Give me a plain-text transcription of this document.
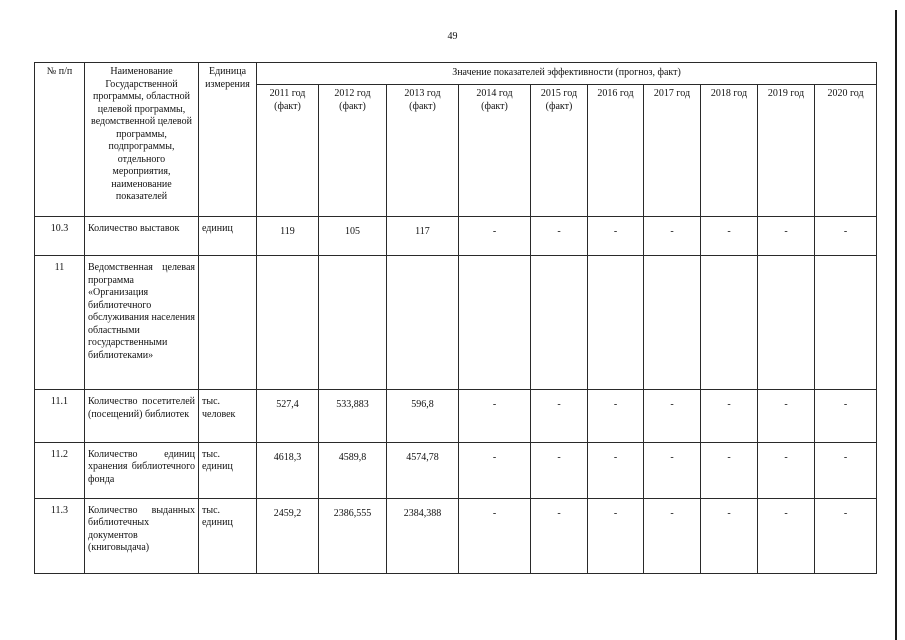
49
№ п/п	Наименование Государственной программы, областной целевой программы, ведомственной целевой программы, подпрограммы, отдельного мероприятия, наименование показателей	Единица измерения	Значение показателей эффективности (прогноз, факт)									
			2011 год (факт)	2012 год (факт)	2013 год (факт)	2014 год (факт)	2015 год (факт)	2016 год	2017 год	2018 год	2019 год	2020 год
10.3	Количество выставок	единиц	119	105	117	-	-	-	-	-	-	-
11	Ведомственная целевая программа «Организация библиотечного обслуживания населения областными государственными библиотеками»											
11.1	Количество посетителей (посещений) библиотек	тыс. человек	527,4	533,883	596,8	-	-	-	-	-	-	-
11.2	Количество единиц хранения библиотечного фонда	тыс. единиц	4618,3	4589,8	4574,78	-	-	-	-	-	-	-
11.3	Количество выданных библиотечных документов (книговыдача)	тыс. единиц	2459,2	2386,555	2384,388	-	-	-	-	-	-	-
